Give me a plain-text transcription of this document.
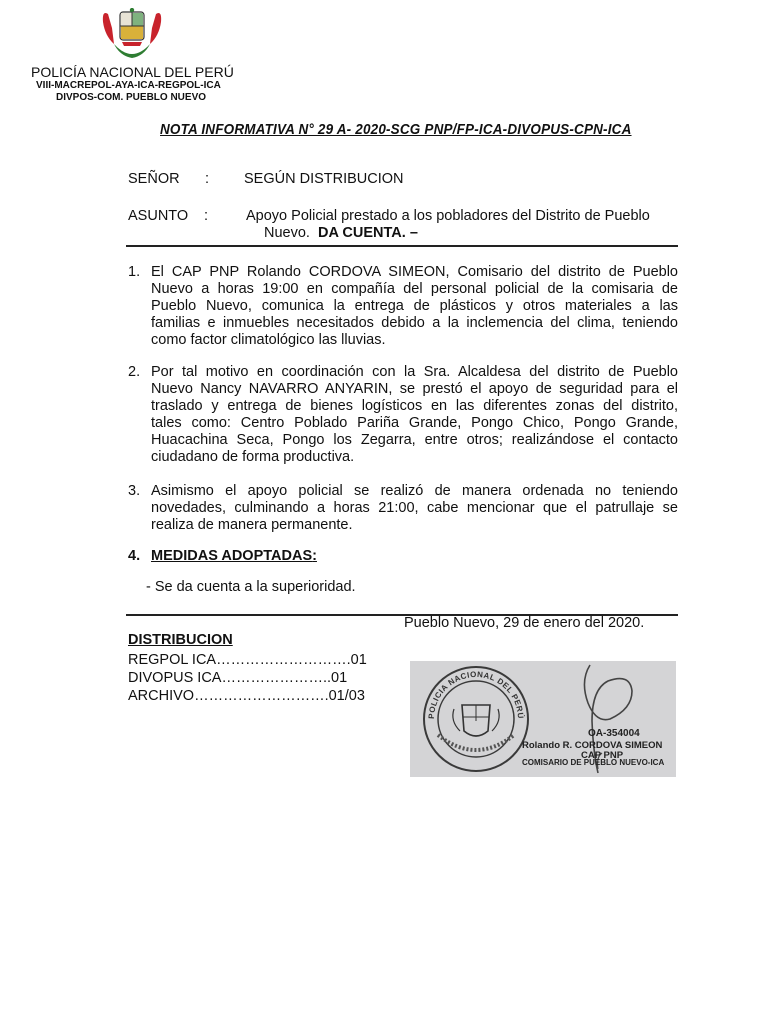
POLICÍA NACIONAL DEL PERÚ
VIII-MACREPOL-AYA-ICA-REGPOL-ICA
DIVPOS-COM. PUEBLO NUEVO
NOTA INFORMATIVA N° 29 A- 2020-SCG PNP/FP-ICA-DIVOPUS-CPN-ICA
SEÑOR : SEGÚN DISTRIBUCION
ASUNTO :	Apoyo Policial prestado a los pobladores del Distrito de Pueblo
Nuevo.  DA CUENTA. –
1. El CAP PNP Rolando CORDOVA SIMEON, Comisario del distrito de Pueblo
Nuevo a horas 19:00 en compañía del personal policial de la comisaria de
Pueblo Nuevo, comunica la entrega de plásticos y otros materiales a las
familias e inmuebles necesitados debido a la inclemencia del clima, teniendo
como factor climatológico las lluvias.
2. Por tal motivo en coordinación con la Sra. Alcaldesa del distrito de Pueblo
Nuevo Nancy NAVARRO ANYARIN, se prestó el apoyo de seguridad para el
traslado y entrega de bienes logísticos en las diferentes zonas del distrito,
tales como: Centro Poblado Pariña Grande, Pongo Chico, Pongo Grande,
Huacachina Seca, Pongo los Zegarra, entre otros; realizándose el contacto
ciudadano de forma productiva.
3. Asimismo el apoyo policial se realizó de manera ordenada no teniendo
novedades, culminando a horas 21:00, cabe mencionar que el patrullaje se
realiza de manera permanente.
4. MEDIDAS ADOPTADAS:
- Se da cuenta a la superioridad.
Pueblo Nuevo, 29 de enero del 2020.
DISTRIBUCION
REGPOL ICA……………………….01
DIVOPUS ICA…………………..01
ARCHIVO……………………….01/03
POLICIA NACIONAL DEL PERÚ
OA-354004
Rolando R. CORDOVA SIMEON
CAP PNP
COMISARIO DE PUEBLO NUEVO-ICA
